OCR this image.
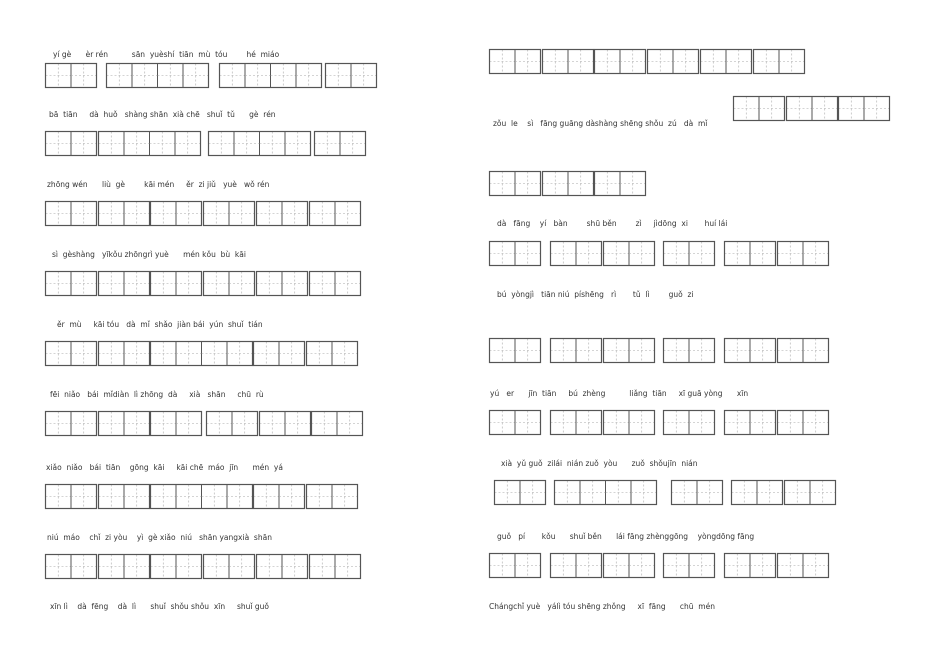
yí gè      èr rén          sān  yuèshí  tiān  mù  tóu        hé  miáo
bā  tiān     dà  huǒ   shàng shān  xià chē   shuǐ  tǔ      gè  rén
zhōng wén      liù  gè        kāi mén     ěr  zi jiǔ   yuè   wǒ rén
sì  gèshàng   yīkǒu zhōngrì yuè      mén kǒu  bù  kāi
ěr  mù     kāi tóu   dà  mǐ  shǎo  jiàn bái  yún  shuǐ  tián
fēi  niǎo   bái  mǐdiàn  lì zhōng  dà     xià   shān     chū  rù
xiǎo  niǎo   bái  tiān    gōng  kāi     kāi chē  máo  jīn      mén  yá
niú  máo    chǐ  zi yòu    yì  gè xiǎo  niú   shān yangxià  shān
xīn lì    dà  fēng    dà  lì      shuǐ  shǒu shǒu  xīn     shuǐ guǒ
zǒu  le    sì   fāng guāng dàshàng shēng shǒu  zú   dà  mǐ
dà   fāng    yí   bàn        shū běn        zì     jìdōng  xi       huí lái
bú  yòngjì   tiān niú  píshēng   rì       tǔ  lì        guǒ  zi
yú   er      jīn  tiān     bú  zhèng          liǎng  tiān     xī guā yòng      xīn
xià  yǔ guǒ  zilái  nián zuǒ  yòu      zuǒ  shǒujīn  nián
guǒ   pí       kǒu      shuǐ běn      lái fāng zhènggōng    yòngdōng fāng
Chángchǐ yuè   yálì tóu shēng zhǒng     xī  fāng      chū  mén
